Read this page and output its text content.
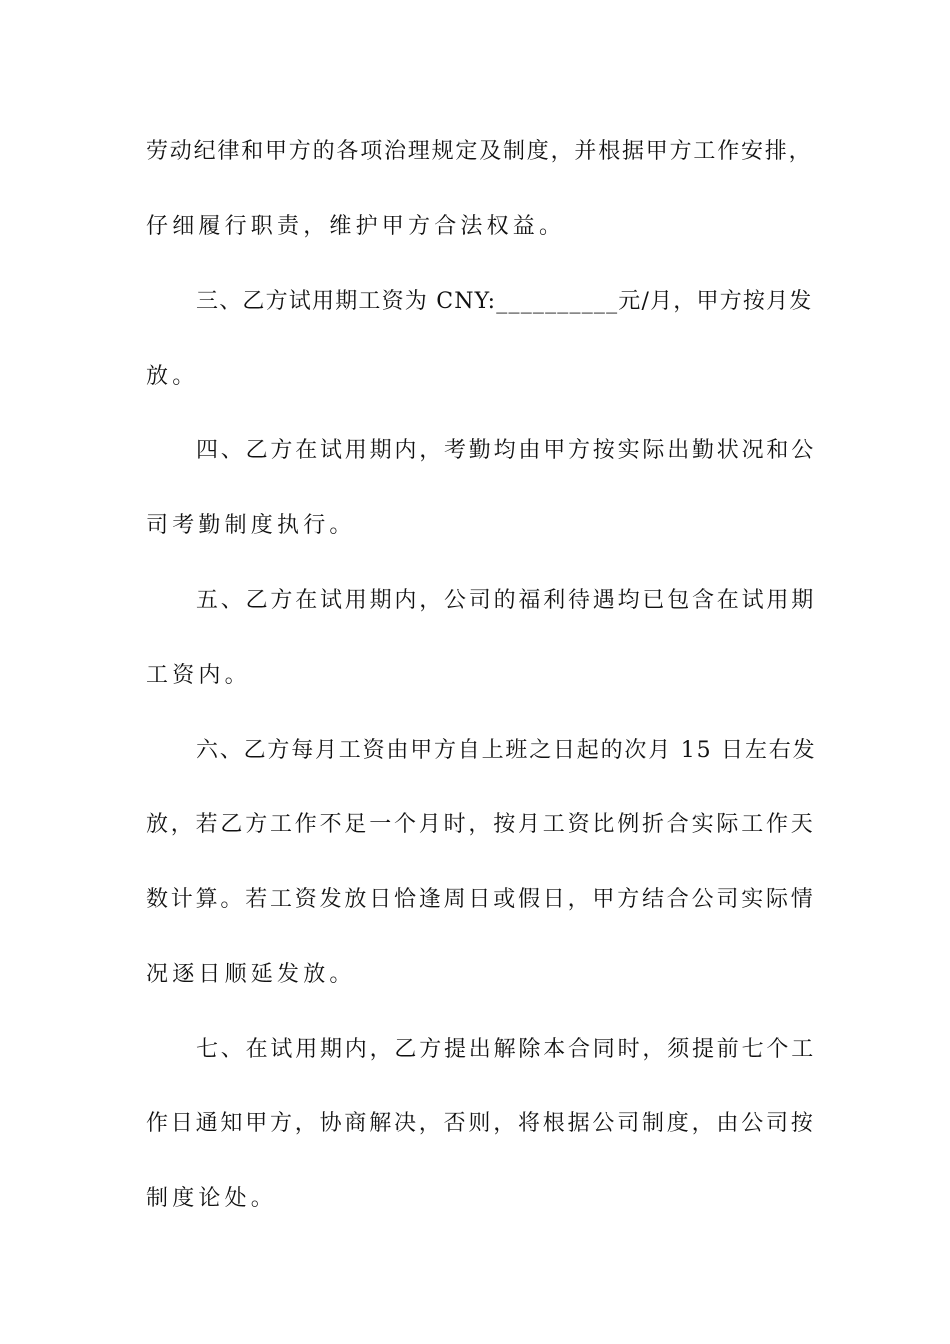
劳动纪律和甲方的各项治理规定及制度，并根据甲方工作安排，

仔细履行职责，维护甲方合法权益。

三、乙方试用期工资为 CNY:__________元/月，甲方按月发

放。

四、乙方在试用期内，考勤均由甲方按实际出勤状况和公

司考勤制度执行。

五、乙方在试用期内，公司的福利待遇均已包含在试用期

工资内。

六、乙方每月工资由甲方自上班之日起的次月 15 日左右发

放，若乙方工作不足一个月时，按月工资比例折合实际工作天

数计算。若工资发放日恰逢周日或假日，甲方结合公司实际情

况逐日顺延发放。

七、在试用期内，乙方提出解除本合同时，须提前七个工

作日通知甲方，协商解决，否则，将根据公司制度，由公司按

制度论处。
